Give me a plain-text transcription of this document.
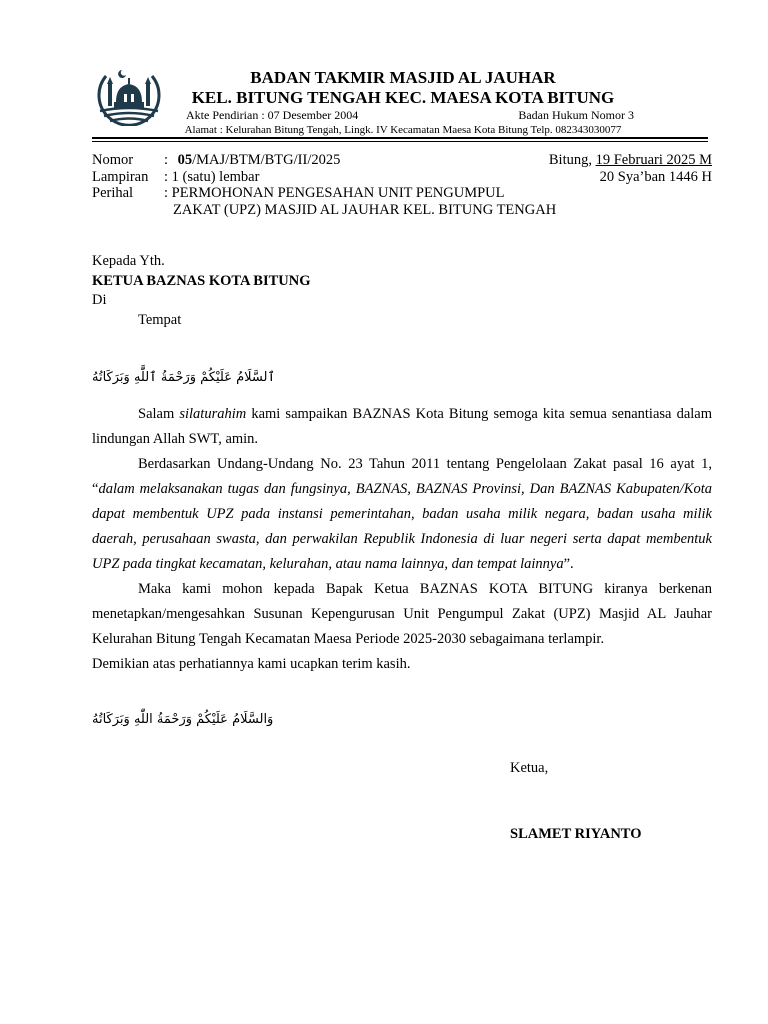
BADAN TAKMIR MASJID AL JAUHAR
KEL. BITUNG TENGAH KEC. MAESA KOTA BITUNG
Akte Pendirian : 07 Desember 2004	Badan Hukum Nomor 3
Alamat : Kelurahan Bitung Tengah, Lingk. IV Kecamatan Maesa Kota Bitung Telp. 082343030077
Nomor	: 05/MAJ/BTM/BTG/II/2025	Bitung, 19 Februari 2025 M
Lampiran	: 1 (satu) lembar	20 Sya’ban 1446 H
Perihal	: PERMOHONAN PENGESAHAN UNIT PENGUMPUL
ZAKAT (UPZ) MASJID AL JAUHAR KEL. BITUNG TENGAH
Kepada Yth.
KETUA BAZNAS KOTA BITUNG
Di
Tempat
ٱلسَّلَامُ عَلَيْكُمْ وَرَحْمَةُ ٱللَّٰهِ وَبَرَكَاتُهُ

Salam silaturahim kami sampaikan BAZNAS Kota Bitung semoga kita semua senantiasa dalam lindungan Allah SWT, amin.

Berdasarkan Undang-Undang No. 23 Tahun 2011 tentang Pengelolaan Zakat pasal 16 ayat 1, “dalam melaksanakan tugas dan fungsinya, BAZNAS, BAZNAS Provinsi, Dan BAZNAS Kabupaten/Kota dapat membentuk UPZ pada instansi pemerintahan, badan usaha milik negara, badan usaha milik daerah, perusahaan swasta, dan perwakilan Republik Indonesia di luar negeri serta dapat membentuk UPZ pada tingkat kecamatan, kelurahan, atau nama lainnya, dan tempat lainnya”.

Maka kami mohon kepada Bapak Ketua BAZNAS KOTA BITUNG kiranya berkenan menetapkan/mengesahkan Susunan Kepengurusan Unit Pengumpul Zakat (UPZ) Masjid AL Jauhar Kelurahan Bitung Tengah Kecamatan Maesa Periode 2025-2030 sebagaimana terlampir.

Demikian atas perhatiannya kami ucapkan terim kasih.

وَالسَّلَامُ عَلَيْكُمْ وَرَحْمَةُ اللّٰهِ وَبَرَكَاتُهُ
Ketua,
SLAMET RIYANTO
